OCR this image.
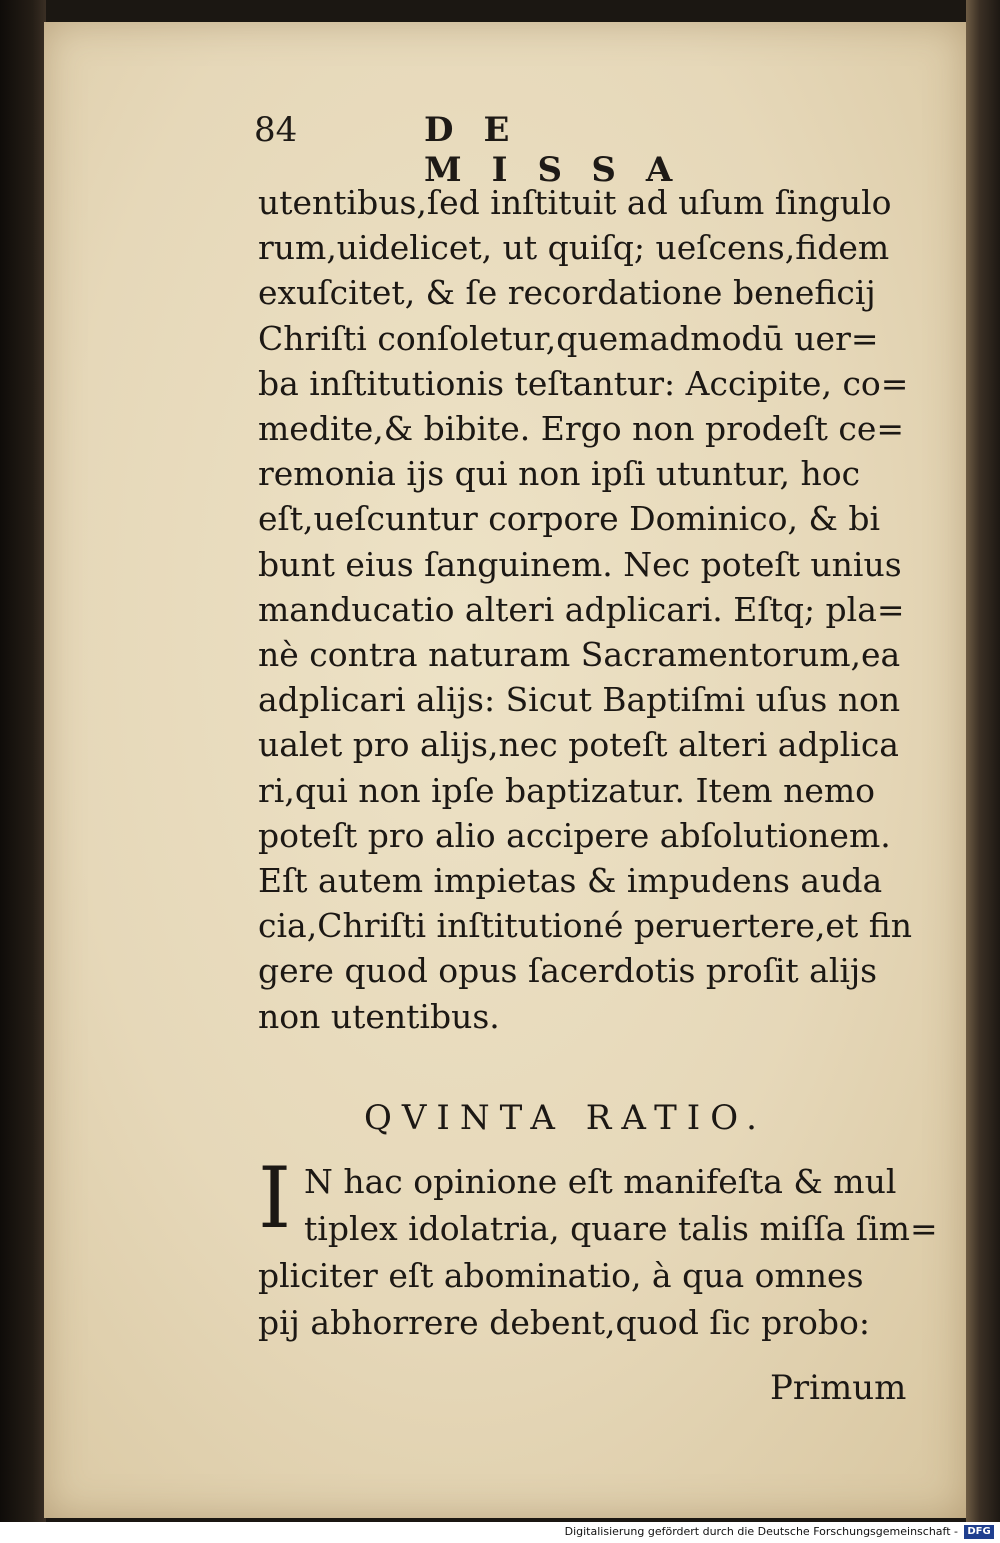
84	DE MISSA
utentibus,ſed inſtituit ad uſum ſingulo
rum,uidelicet, ut quiſq; ueſcens,fidem
exuſcitet, & ſe recordatione beneficij
Chriſti conſoletur,quemadmodū uer=
ba inſtitutionis teſtantur: Accipite, co=
medite,& bibite. Ergo non prodeſt ce=
remonia ijs qui non ipſi utuntur, hoc
eſt,ueſcuntur corpore Dominico, & bi
bunt eius ſanguinem. Nec poteſt unius
manducatio alteri adplicari. Eſtq; pla=
nè contra naturam Sacramentorum,ea
adplicari alijs: Sicut Baptiſmi uſus non
ualet pro alijs,nec poteſt alteri adplica
ri,qui non ipſe baptizatur. Item nemo
poteſt pro alio accipere abſolutionem.
Eſt autem impietas & impudens auda
cia,Chriſti inſtitutioné peruertere,et fin
gere quod opus ſacerdotis proſit alijs
non utentibus.
QVINTA RATIO.
I N hac opinione eſt manifeſta & mul
tiplex idolatria, quare talis miſſa ſim=
pliciter eſt abominatio, à qua omnes
pij abhorrere debent,quod ſic probo:
Primum
Digitalisierung gefördert durch die Deutsche Forschungsgemeinschaft - DFG
